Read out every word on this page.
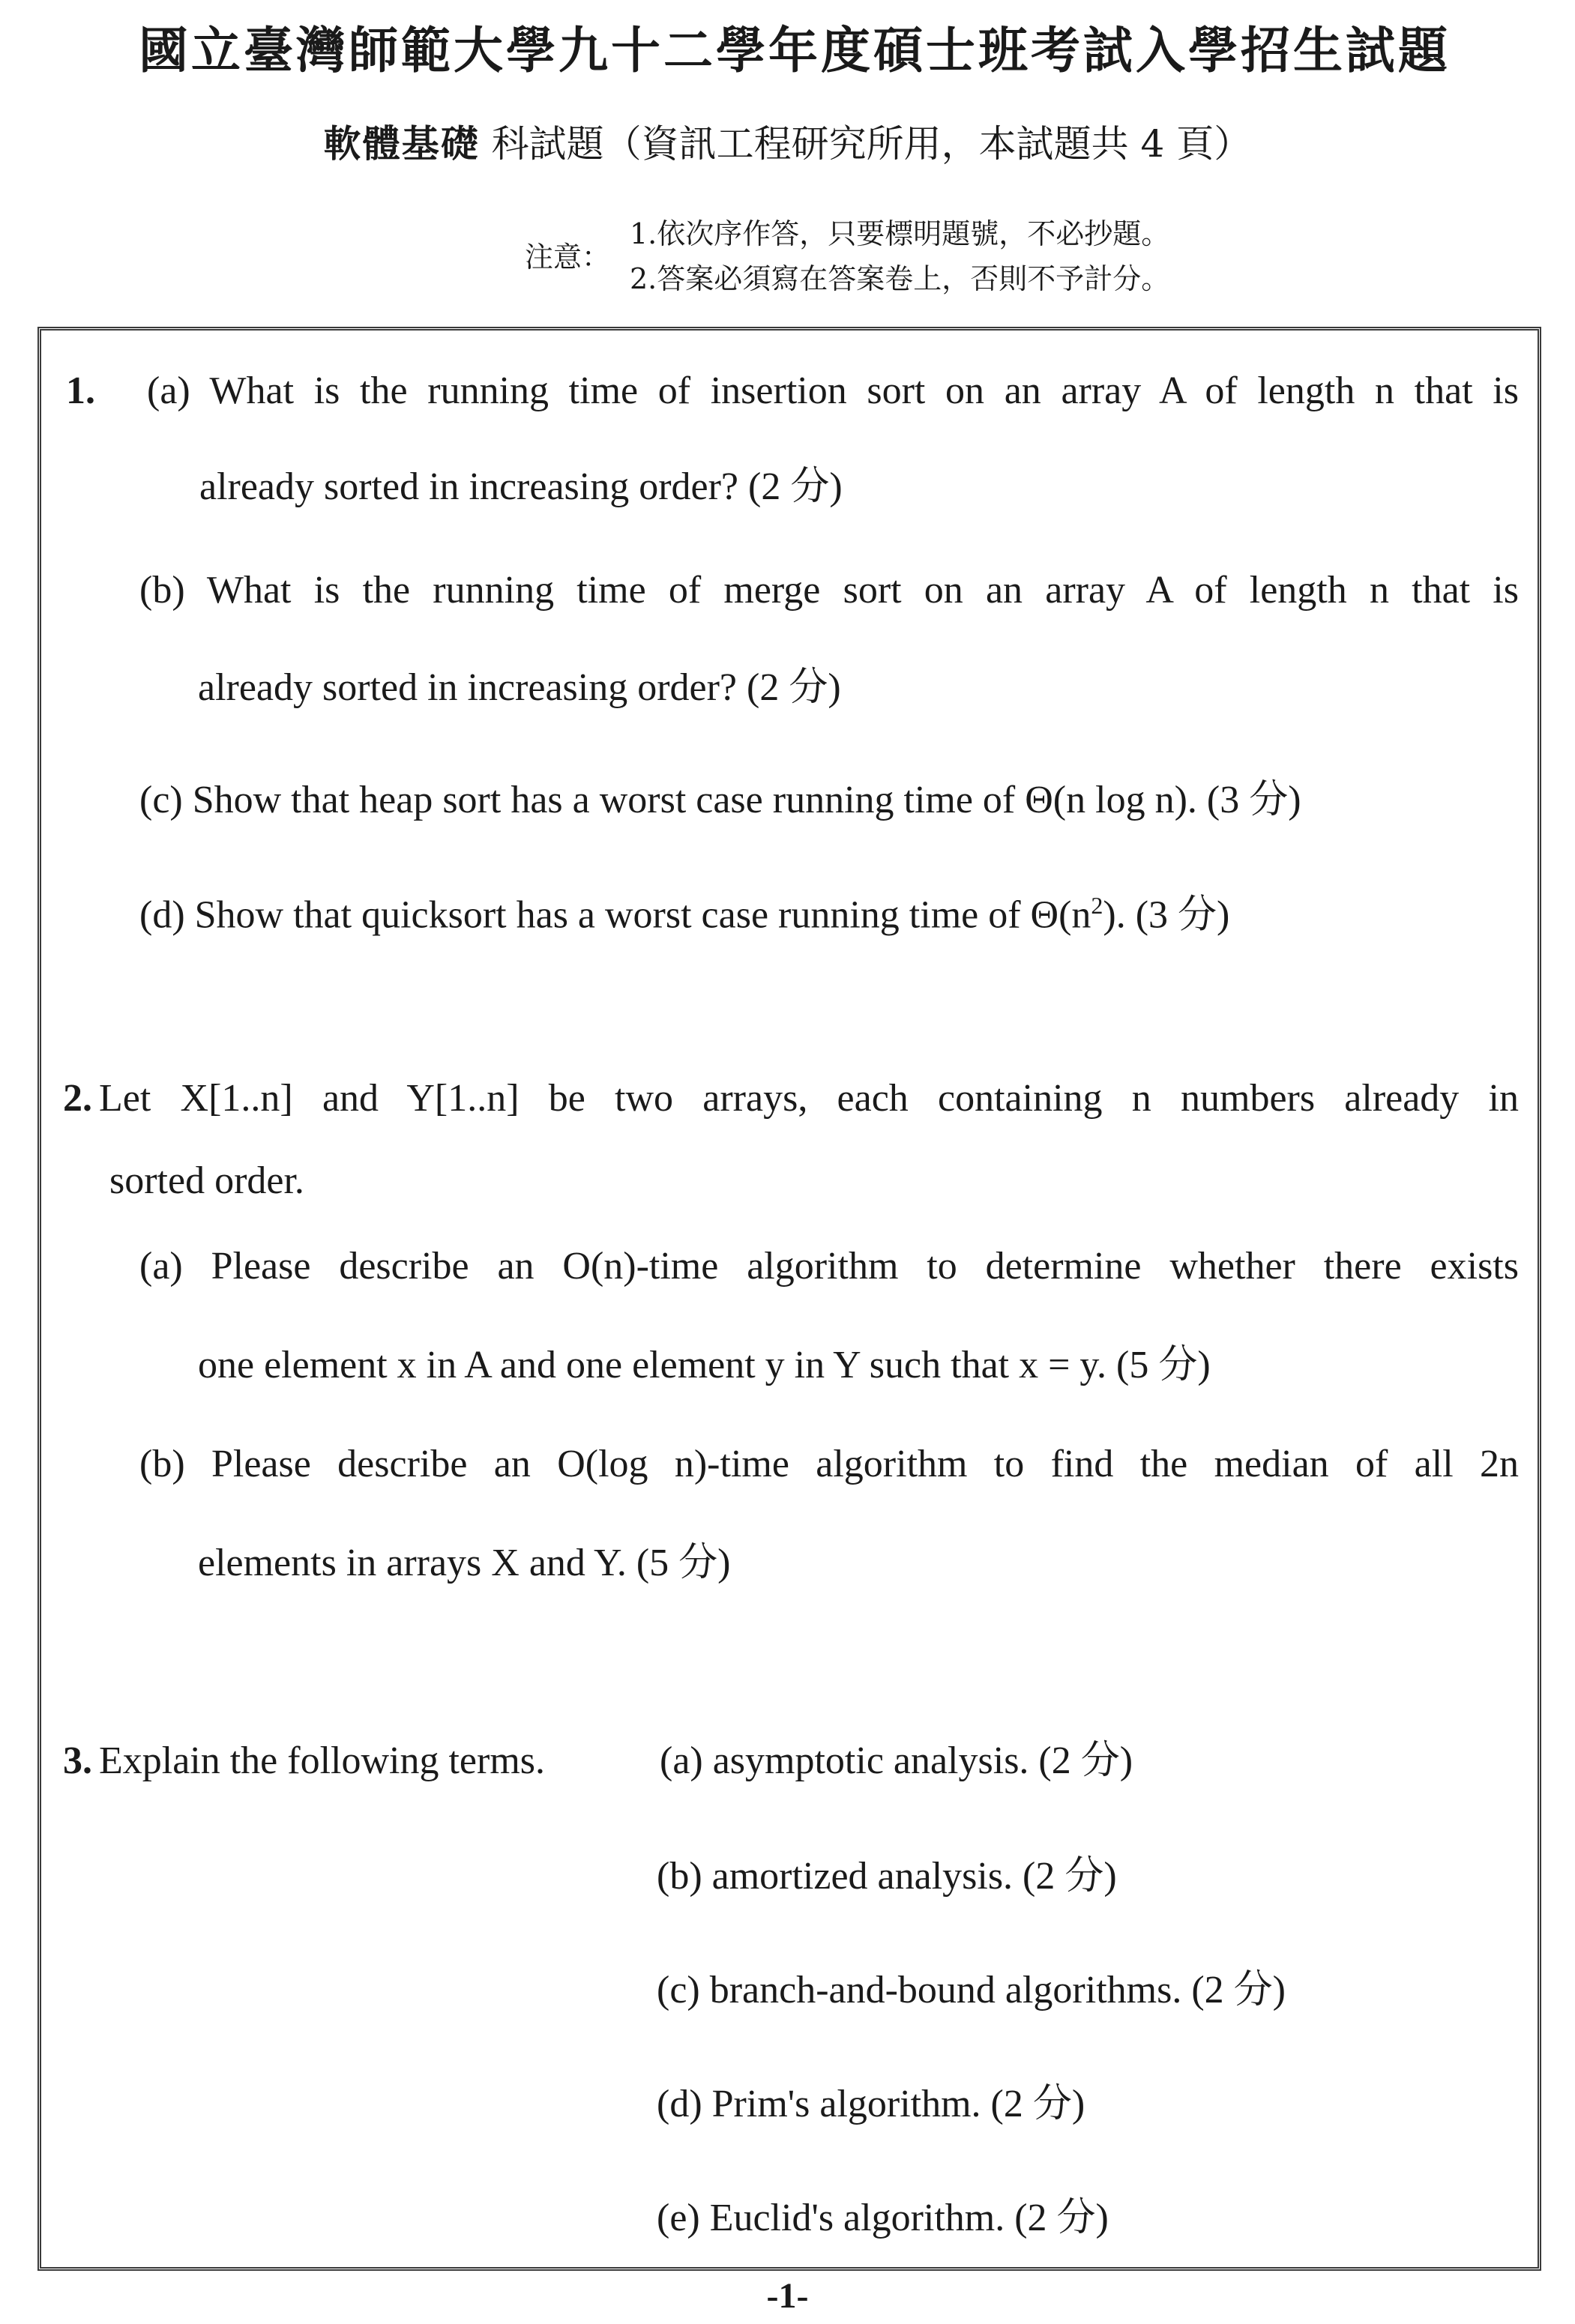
國立臺灣師範大學九十二學年度碩士班考試入學招生試題
軟體基礎 科試題（資訊工程研究所用，本試題共 4 頁）
注意：
1.依次序作答，只要標明題號，不必抄題。
2.答案必須寫在答案卷上，否則不予計分。
1. (a) What is the running time of insertion sort on an array A of length n that is
already sorted in increasing order? (2 分)
(b) What is the running time of merge sort on an array A of length n that is
already sorted in increasing order? (2 分)
(c) Show that heap sort has a worst case running time of Θ(n log n). (3 分)
(d) Show that quicksort has a worst case running time of $\Theta(n^2)$. (3 分)
2. Let X[1..n] and Y[1..n] be two arrays, each containing n numbers already in
sorted order.
(a) Please describe an O(n)-time algorithm to determine whether there exists
one element x in A and one element y in Y such that x = y. (5 分)
(b) Please describe an O(log n)-time algorithm to find the median of all 2n
elements in arrays X and Y. (5 分)
3. Explain the following terms.	(a) asymptotic analysis. (2 分)
(b) amortized analysis. (2 分)
(c) branch-and-bound algorithms. (2 分)
(d) Prim's algorithm. (2 分)
(e) Euclid's algorithm. (2 分)
-1-
